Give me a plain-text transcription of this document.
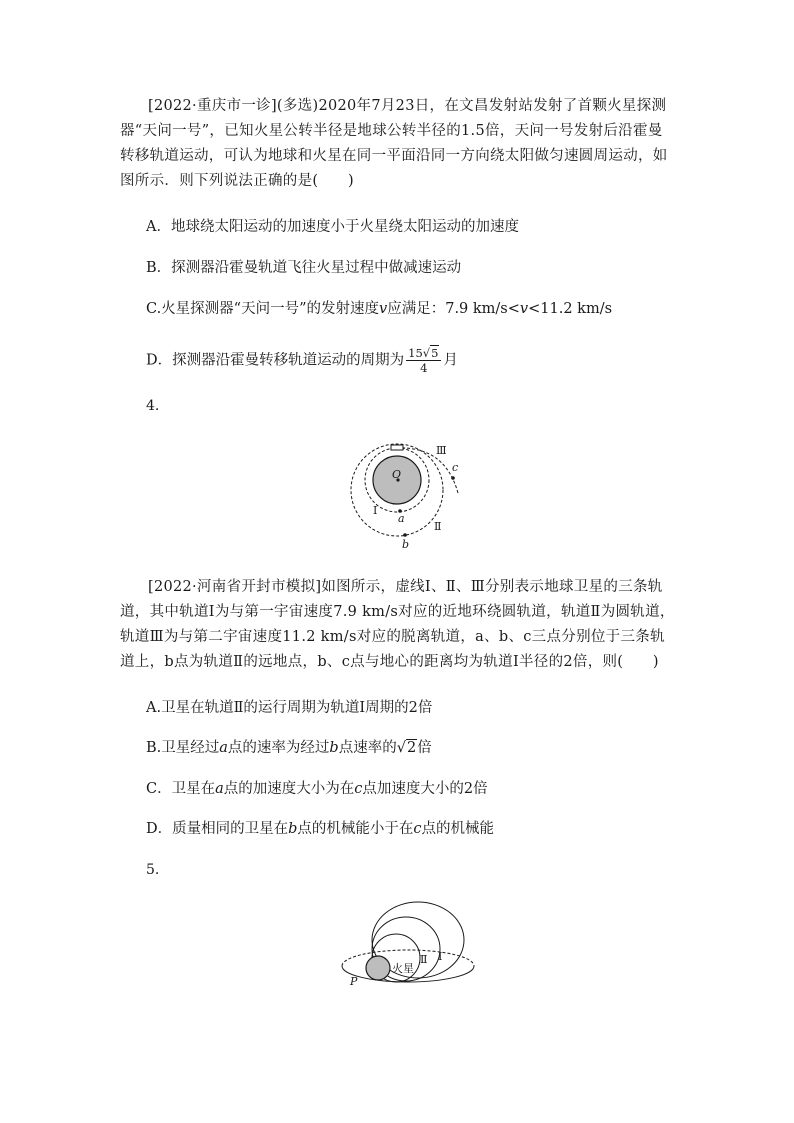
[2022·重庆市一诊](多选)2020年7月23日，在文昌发射站发射了首颗火星探测器“天问一号”，已知火星公转半径是地球公转半径的1.5倍，天问一号发射后沿霍曼转移轨道运动，可认为地球和火星在同一平面沿同一方向绕太阳做匀速圆周运动，如图所示．则下列说法正确的是(　　)

A．地球绕太阳运动的加速度小于火星绕太阳运动的加速度

B．探测器沿霍曼轨道飞往火星过程中做减速运动

C.火星探测器“天问一号”的发射速度v应满足：7.9 km/s<v<11.2 km/s

D．探测器沿霍曼转移轨道运动的周期为 $\frac{15√5}{4}$ 月

4.
O
Ⅲ
Ⅰ
Ⅱ
a
b
c

[2022·河南省开封市模拟]如图所示，虚线Ⅰ、Ⅱ、Ⅲ分别表示地球卫星的三条轨道，其中轨道Ⅰ为与第一宇宙速度7.9 km/s对应的近地环绕圆轨道，轨道Ⅱ为圆轨道，轨道Ⅲ为与第二宇宙速度11.2 km/s对应的脱离轨道，a、b、c三点分别位于三条轨道上，b点为轨道Ⅱ的远地点，b、c点与地心的距离均为轨道Ⅰ半径的2倍，则(　　)

A.卫星在轨道Ⅱ的运行周期为轨道Ⅰ周期的2倍

B.卫星经过a点的速率为经过b点速率的√2倍

C．卫星在a点的加速度大小为在c点加速度大小的2倍

D．质量相同的卫星在b点的机械能小于在c点的机械能

5.
火星
P
Ⅱ Ⅰ
